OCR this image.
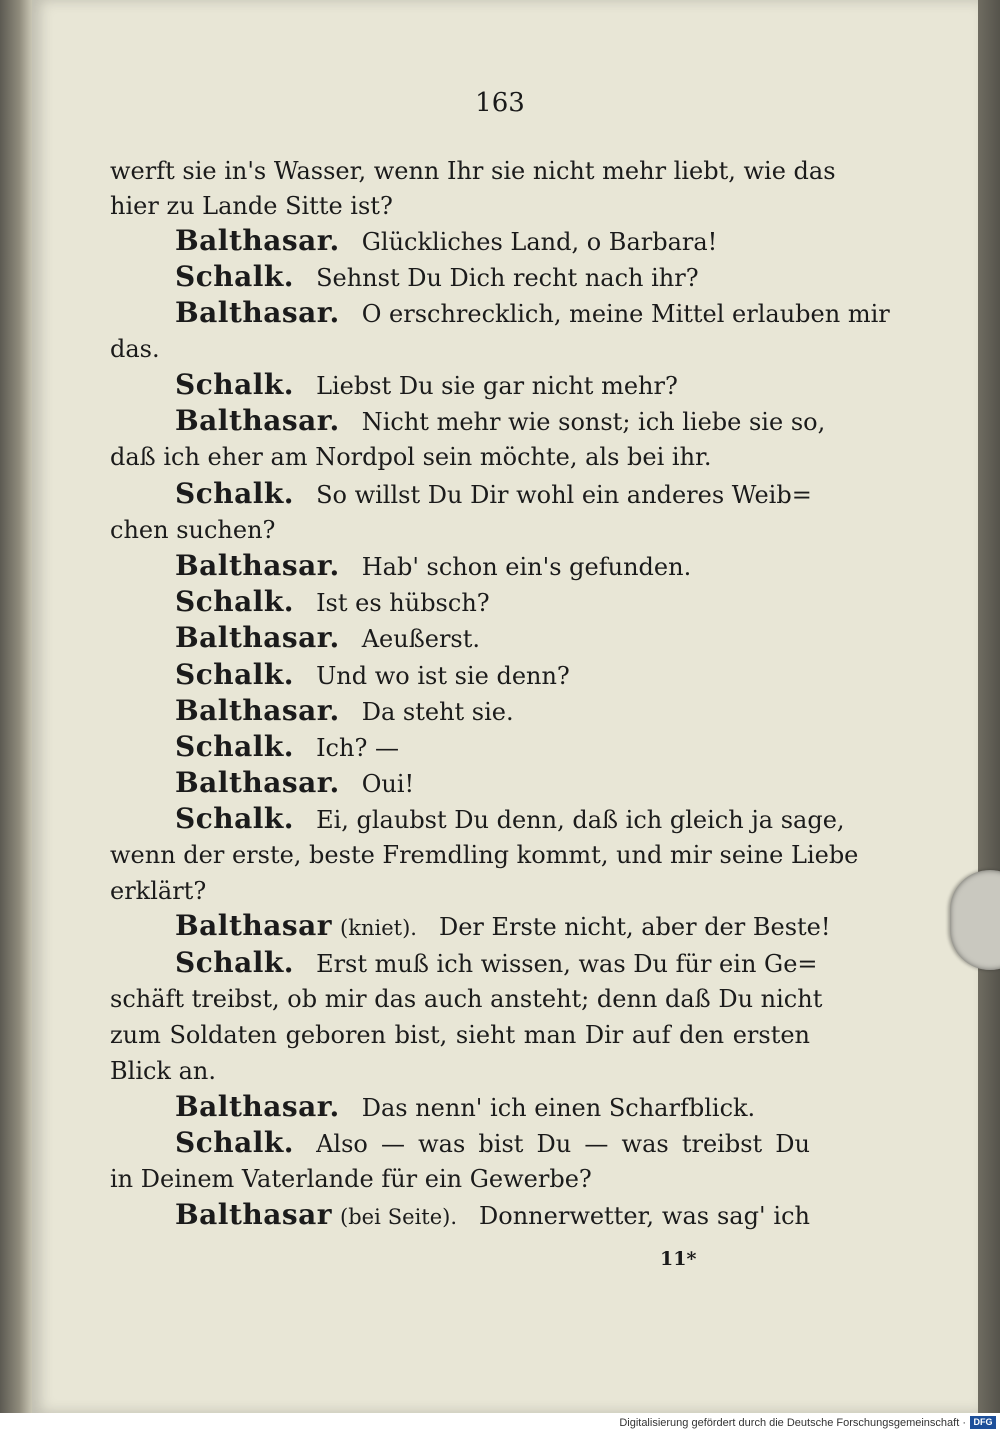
163
werft sie in's Wasser, wenn Ihr sie nicht mehr liebt, wie das
hier zu Lande Sitte ist?
Balthasar. Glückliches Land, o Barbara!
Schalk. Sehnst Du Dich recht nach ihr?
Balthasar. O erschrecklich, meine Mittel erlauben mir
das.
Schalk. Liebst Du sie gar nicht mehr?
Balthasar. Nicht mehr wie sonst; ich liebe sie so,
daß ich eher am Nordpol sein möchte, als bei ihr.
Schalk. So willst Du Dir wohl ein anderes Weib=
chen suchen?
Balthasar. Hab' schon ein's gefunden.
Schalk. Ist es hübsch?
Balthasar. Aeußerst.
Schalk. Und wo ist sie denn?
Balthasar. Da steht sie.
Schalk. Ich? —
Balthasar. Oui!
Schalk. Ei, glaubst Du denn, daß ich gleich ja sage,
wenn der erste, beste Fremdling kommt, und mir seine Liebe
erklärt?
Balthasar (kniet). Der Erste nicht, aber der Beste!
Schalk. Erst muß ich wissen, was Du für ein Ge=
schäft treibst, ob mir das auch ansteht; denn daß Du nicht
zum Soldaten geboren bist, sieht man Dir auf den ersten
Blick an.
Balthasar. Das nenn' ich einen Scharfblick.
Schalk. Also — was bist Du — was treibst Du
in Deinem Vaterlande für ein Gewerbe?
Balthasar (bei Seite). Donnerwetter, was sag' ich
11*
Digitalisierung gefördert durch die Deutsche Forschungsgemeinschaft · DFG
